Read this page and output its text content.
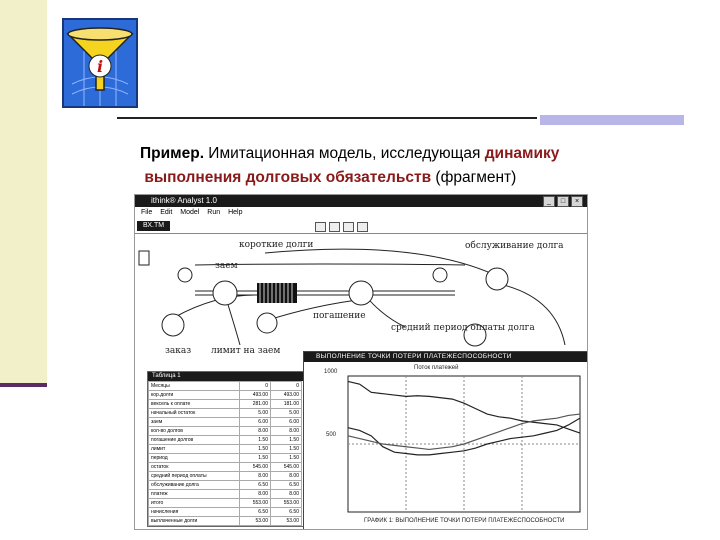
i
Пример. Имитационная модель, исследующая динамику
выполнения долговых обязательств (фрагмент)
ithink® Analyst 1.0	_	□	×
File Edit Model Run Help
ВХ.ТМ
короткие долги	обслуживание долга
заем
погашение
средний период оплаты долга
заказ лимит на заем
Таблица 1
Месяцы	0	0
кор.долги	493.00	493.00
вексель к оплате	281.00	181.00
начальный остаток	5.00	5.00
заем	6.00	6.00
кол-во долгов	8.00	8.00
погашение долгов	1.50	1.50
лимит	1.50	1.50
период	1.50	1.50
остаток	545.00	545.00
средний период оплаты	8.00	8.00
обслуживание долга	6.50	6.50
платеж	8.00	8.00
итого	553.00	553.00
начисления	6.50	6.50
выплаченные долги	53.00	53.00
ВЫПОЛНЕНИЕ ТОЧКИ ПОТЕРИ ПЛАТЕЖЕСПОСОБНОСТИ
Поток платежей
1000
500
ГРАФИК 1: ВЫПОЛНЕНИЕ ТОЧКИ ПОТЕРИ ПЛАТЕЖЕСПОСОБНОСТИ
